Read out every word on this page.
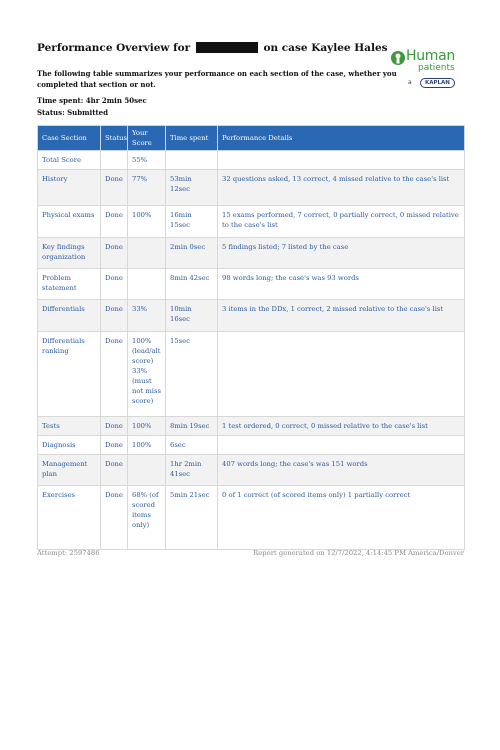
Performance Overview for	on case Kaylee Hales Human
patients
a	KAPLAN
The following table summarizes your performance on each section of the case, whether you completed that section or not.
Time spent: 4hr 2min 50sec
Status: Submitted
Case Section	Status	Your Score	Time spent	Performance Details
Total Score		55%		
History	Done	77%	53min 12sec	32 questions asked, 13 correct, 4 missed relative to the case's list
Physical exams	Done	100%	16min 15sec	15 exams performed, 7 correct, 0 partially correct, 0 missed relative to the case's list
Key findings organization	Done		2min 0sec	5 findings listed; 7 listed by the case
Problem statement	Done		8min 42sec	98 words long; the case's was 93 words
Differentials	Done	33%	10min 16sec	3 items in the DDx, 1 correct, 2 missed relative to the case's list
Differentials ranking	Done	100% (lead/alt score) 33% (must not miss score)	15sec	
Tests	Done	100%	8min 19sec	1 test ordered, 0 correct, 0 missed relative to the case's list
Diagnosis	Done	100%	6sec	
Management plan	Done		1hr 2min 41sec	407 words long; the case's was 151 words
Exercises	Done	68% (of scored items only)	5min 21sec	0 of 1 correct (of scored items only) 1 partially correct
Attempt: 2597486	Report generated on 12/7/2022, 4:14:45 PM America/Denver
